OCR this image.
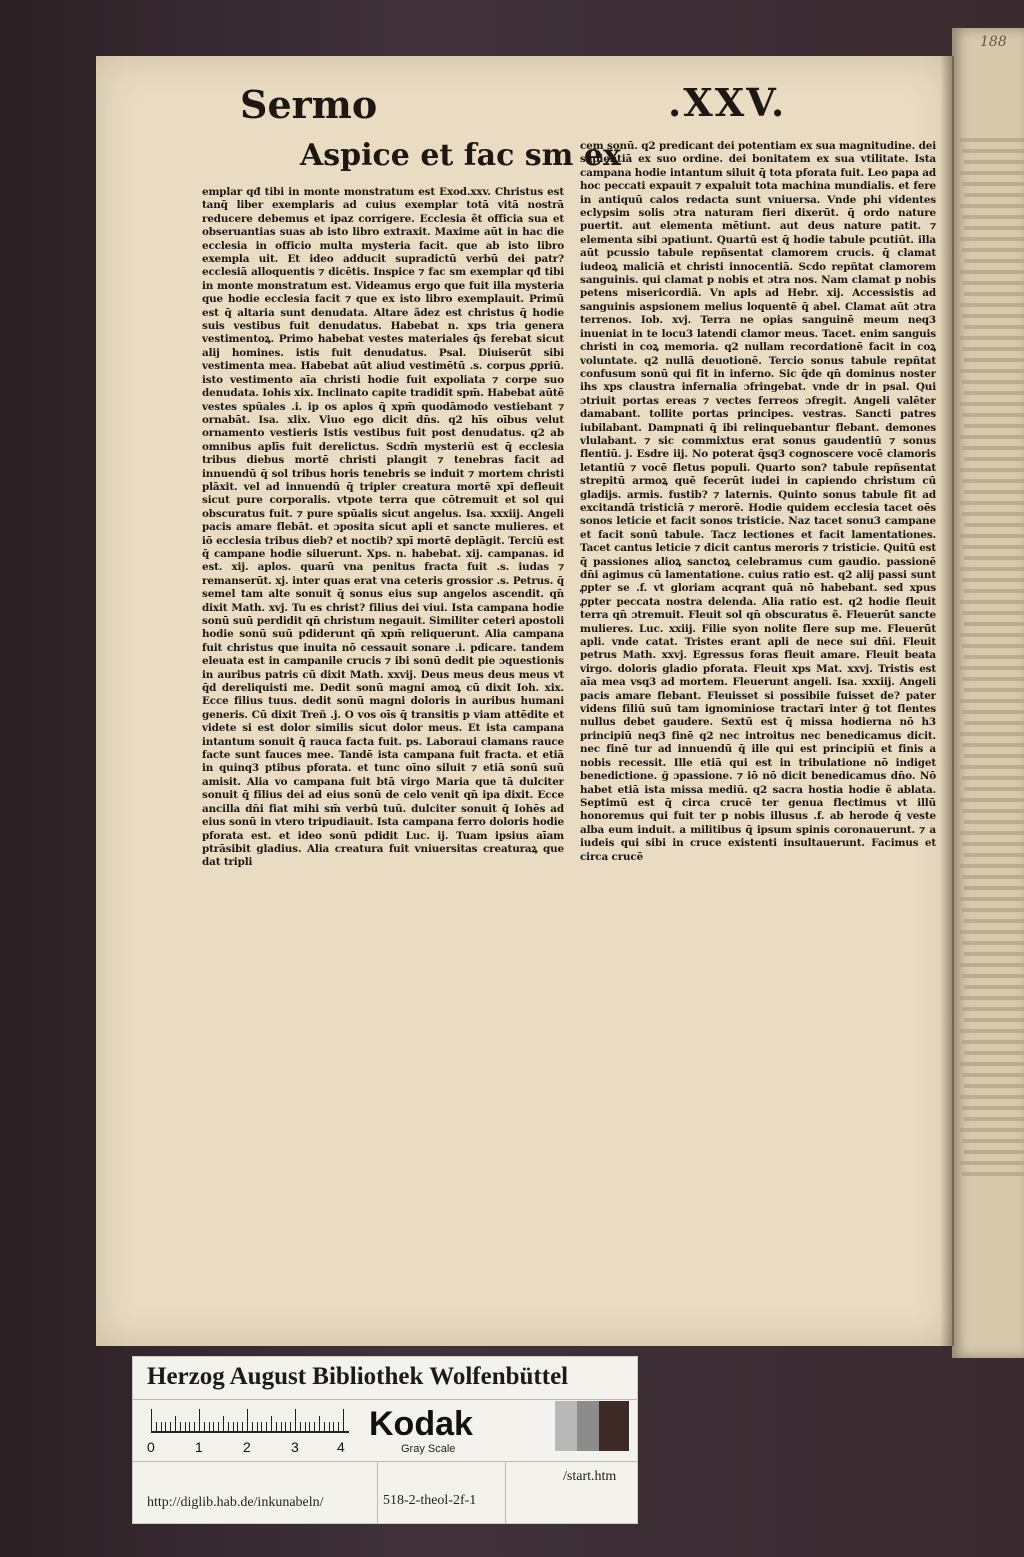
188
Sermo	.XXV.
Aspice et fac sm ex
emplar qđ tibi in monte monstratum est Exod.xxv. Christus est tanq̄ liber exemplaris ad cuius exemplar totā vitā nostrā reducere debemus et ipaz corrigere. Ecclesia ẽt officia sua et obseruantias suas ab isto libro extraxit. Maxime aūt in hac die ecclesia in officio multa mysteria facit. que ab isto libro exempla uit. Et ideo adducit supradictū verbū dei patr? ecclesiā alloquentis ⁊ dicētis. Inspice ⁊ fac sm exemplar qđ tibi in monte monstratum est. Videamus ergo que fuit illa mysteria que hodie ecclesia facit ⁊ que ex isto libro exemplauit. Primū est q̄ altaria sunt denudata. Altare ãdez est christus q̄ hodie suis vestibus fuit denudatus. Habebat n. xps tria genera vestimentoꝝ. Primo habebat vestes materiales q̄s ferebat sicut alij homines. istis fuit denudatus. Psal. Diuiserūt sibi vestimenta mea. Habebat aūt aliud vestimētū .s. corpus ꝓpriū. isto vestimento aīa christi hodie fuit expoliata ⁊ corpe suo denudata. Iohis xix. Inclinato capite tradidit spm̄. Habebat aūtē vestes spūales .i. ip os aplos q̄ xpm̄ quodāmodo vestiebant ⁊ ornabāt. Isa. xlix. Viuo ego dicit dn̄s. q2 hīs oībus velut ornamento vestieris Istis vestibus fuit post denudatus. q2 ab omnibus aplīs fuit derelictus. Scdm̄ mysteriū est q̄ ecclesia tribus diebus mortē christi plangit ⁊ tenebras facit ad innuendū q̄ sol tribus horis tenebris se induit ⁊ mortem christi plāxit. vel ad innuendū q̄ tripler creatura mortē xpī defleuit sicut pure corporalis. vtpote terra que cōtremuit et sol qui obscuratus fuit. ⁊ pure spūalis sicut angelus. Isa. xxxiij. Angeli pacis amare flebāt. et ɔposita sicut apli et sancte mulieres. et iō ecclesia tribus dieb? et noctib? xpī mortē deplāgit. Terciū est q̄ campane hodie siluerunt. Xps. n. habebat. xij. campanas. id est. xij. aplos. quarū vna penitus fracta fuit .s. iudas ⁊ remanserūt. xj. inter quas erat vna ceteris grossior .s. Petrus. q̄ semel tam alte sonuit q̄ sonus eius sup angelos ascendit. qn̄ dixit Math. xvj. Tu es christ? filius dei viui. Ista campana hodie sonū suū perdidit qn̄ christum negauit. Similiter ceteri apostoli hodie sonū suū pdiderunt qn̄ xpm̄ reliquerunt. Alia campana fuit christus que inuita nō cessauit sonare .i. pdicare. tandem eleuata est in campanile crucis ⁊ ibi sonū dedit pie ɔquestionis in auribus patris cū dixit Math. xxvij. Deus meus deus meus vt q̄d dereliquisti me. Dedit sonū magni amoꝝ cū dixit Ioh. xix. Ecce filius tuus. dedit sonū magni doloris in auribus humani generis. Cū dixit Treñ .j. O vos oīs q̄ transitis p viam attēdite et videte si est dolor similis sicut dolor meus. Et ista campana intantum sonuit q̄ rauca facta fuit. ps. Laboraui clamans rauce facte sunt fauces mee. Tandē ista campana fuit fracta. et etiā in quinq3 ptibus pforata. et tunc oīno siluit ⁊ etiā sonū suū amisit. Alia vo campana fuit btā virgo Maria que tā dulciter sonuit q̄ filius dei ad eius sonū de celo venit qn̄ ipa dixit. Ecce ancilla dn̄i fiat mihi sm̄ verbū tuū. dulciter sonuit q̄ Iohēs ad eius sonū in vtero tripudiauit. Ista campana ferro doloris hodie pforata est. et ideo sonū pdidit Luc. ij. Tuam ipsius aīam ptrāsibit gladius. Alia creatura fuit vniuersitas creaturaꝝ que dat tripli
cem sonū. q2 predicant dei potentiam ex sua magnitudine. dei sapientiā ex suo ordine. dei bonitatem ex sua vtilitate. Ista campana hodie intantum siluit q̄ tota pforata fuit. Leo papa ad hoc peccati expauit ⁊ expaluit tota machina mundialis. et fere in antiquū calos redacta sunt vniuersa. Vnde phi videntes eclypsim solis ɔtra naturam fieri dixerūt. q̄ ordo nature puertit. aut elementa mētiunt. aut deus nature patit. ⁊ elementa sibi ɔpatiunt. Quartū est q̄ hodie tabule pcutiūt. illa aūt pcussio tabule repñsentat clamorem crucis. q̄ clamat iudeoꝝ maliciā et christi innocentiā. Scdo repñtat clamorem sanguinis. qui clamat p nobis et ɔtra nos. Nam clamat p nobis petens misericordiā. Vn apls ad Hebr. xij. Accessistis ad sanguinis aspsionem melius loquentē q̄ abel. Clamat aūt ɔtra terrenos. Iob. xvj. Terra ne opias sanguinē meum neq3 inueniat in te locu3 latendi clamor meus. Tacet. enim sanguis christi in coꝝ memoria. q2 nullam recordationē facit in coꝝ voluntate. q2 nullā deuotionē. Tercio sonus tabule repñtat confusum sonū qui fit in inferno. Sic q̄de qn̄ dominus noster ihs xps claustra infernalia ɔfringebat. vnde dr in psal. Qui ɔtriuit portas ereas ⁊ vectes ferreos ɔfregit. Angeli valēter damabant. tollite portas principes. vestras. Sancti patres iubilabant. Dampnati q̄ ibi relinquebantur flebant. demones vlulabant. ⁊ sic commixtus erat sonus gaudentiū ⁊ sonus flentiū. j. Esdre iij. No poterat q̄sq3 cognoscere vocē clamoris letantiū ⁊ vocē fletus populi. Quarto son? tabule repñsentat strepitū armoꝝ quē fecerūt iudei in capiendo christum cū gladijs. armis. fustib? ⁊ laternis. Quinto sonus tabule fit ad excitandā tristiciā ⁊ merorē. Hodie quidem ecclesia tacet oēs sonos leticie et facit sonos tristicie. Naz tacet sonu3 campane et facit sonū tabule. Tacz lectiones et facit lamentationes. Tacet cantus leticie ⁊ dicit cantus meroris ⁊ tristicie. Quitū est q̄ passiones alioꝝ sanctoꝝ celebramus cum gaudio. passionē dn̄i agimus cū lamentatione. cuius ratio est. q2 alij passi sunt ꝓpter se .f. vt gloriam acqrant quā nō habebant. sed xpus ꝓpter peccata nostra delenda. Alia ratio est. q2 hodie fleuit terra qn̄ ɔtremuit. Fleuit sol qn̄ obscuratus ẽ. Fleuerūt sancte mulieres. Luc. xxiij. Filie syon nolite flere sup me. Fleuerūt apli. vnde catat. Tristes erant apli de nece sui dn̄i. Fleuit petrus Math. xxvj. Egressus foras fleuit amare. Fleuit beata virgo. doloris gladio pforata. Fleuit xps Mat. xxvj. Tristis est aīa mea vsq3 ad mortem. Fleuerunt angeli. Isa. xxxiij. Angeli pacis amare flebant. Fleuisset si possibile fuisset de? pater videns filiū suū tam ignominiose tractarī inter ğ tot flentes nullus debet gaudere. Sextū est q̄ missa hodierna nō h3 principiū neq3 finē q2 nec introitus nec benedicamus dicit. nec finē tur ad innuendū q̄ ille qui est principiū et finis a nobis recessit. Ille etiā qui est in tribulatione nō indiget benedictione. ğ ɔpassione. ⁊ iō nō dicit benedicamus dn̄o. Nō habet etiā ista missa mediū. q2 sacra hostia hodie ẽ ablata. Septimū est q̄ circa crucē ter genua flectimus vt illū honoremus qui fuit ter p nobis illusus .f. ab herode q̄ veste alba eum induit. a militibus q̄ ipsum spinis coronauerunt. ⁊ a iudeis qui sibi in cruce existenti insultauerunt. Facimus et circa crucē
Herzog August Bibliothek Wolfenbüttel
0	1	2	3	4
Kodak
Gray Scale
http://diglib.hab.de/inkunabeln/	518-2-theol-2f-1
/start.htm
